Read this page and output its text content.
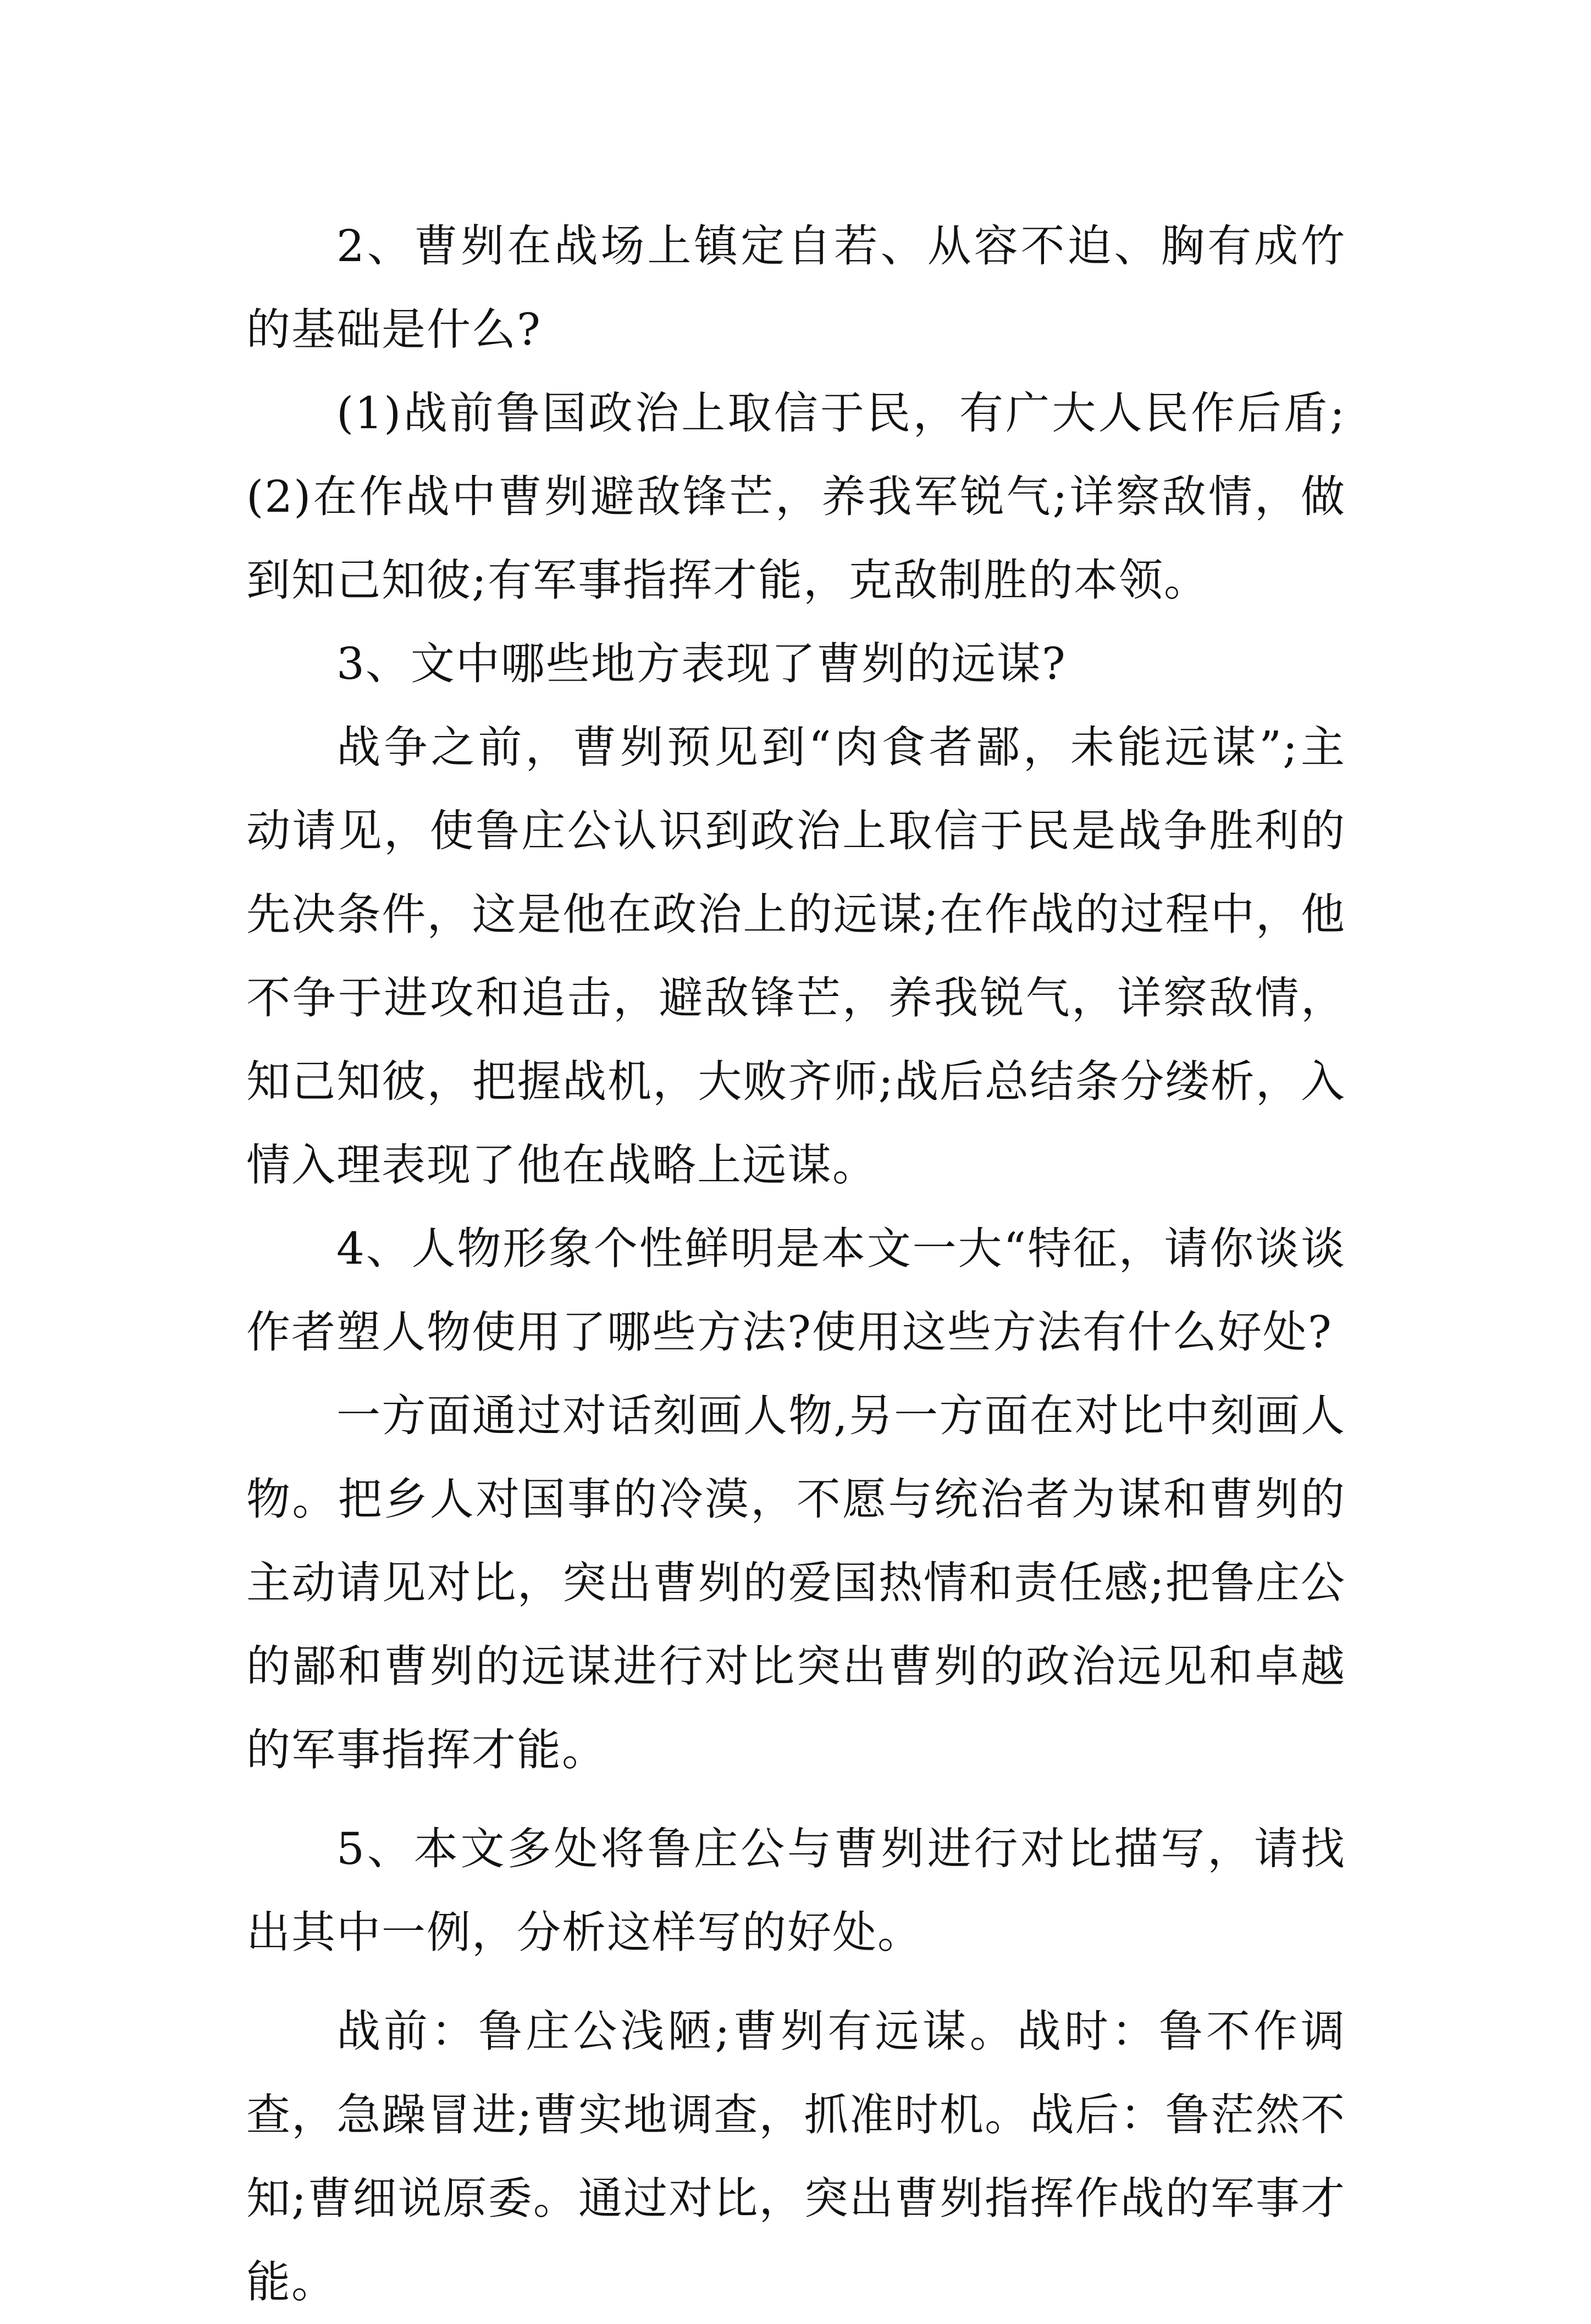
2、曹刿在战场上镇定自若、从容不迫、胸有成竹的基础是什么?

(1)战前鲁国政治上取信于民，有广大人民作后盾;(2)在作战中曹刿避敌锋芒，养我军锐气;详察敌情，做到知己知彼;有军事指挥才能，克敌制胜的本领。

3、文中哪些地方表现了曹刿的远谋?

战争之前，曹刿预见到“肉食者鄙，未能远谋”;主动请见，使鲁庄公认识到政治上取信于民是战争胜利的先决条件，这是他在政治上的远谋;在作战的过程中，他不争于进攻和追击，避敌锋芒，养我锐气，详察敌情，知己知彼，把握战机，大败齐师;战后总结条分缕析，入情入理表现了他在战略上远谋。

4、人物形象个性鲜明是本文一大“特征，请你谈谈作者塑人物使用了哪些方法?使用这些方法有什么好处?

一方面通过对话刻画人物,另一方面在对比中刻画人物。把乡人对国事的冷漠，不愿与统治者为谋和曹刿的主动请见对比，突出曹刿的爱国热情和责任感;把鲁庄公的鄙和曹刿的远谋进行对比突出曹刿的政治远见和卓越的军事指挥才能。

5、本文多处将鲁庄公与曹刿进行对比描写，请找出其中一例，分析这样写的好处。

战前：鲁庄公浅陋;曹刿有远谋。战时：鲁不作调查，急躁冒进;曹实地调查，抓准时机。战后：鲁茫然不知;曹细说原委。通过对比，突出曹刿指挥作战的军事才能。
